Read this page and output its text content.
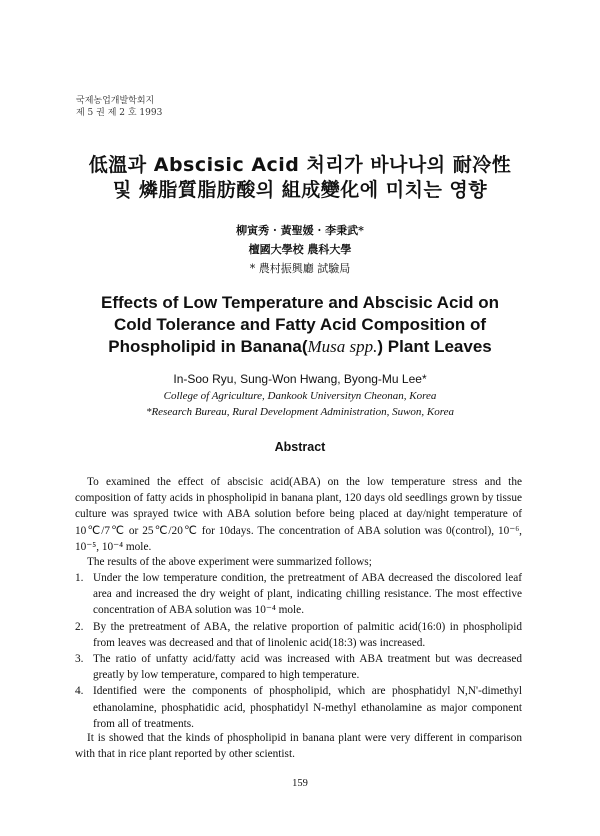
국제농업개발학회지
제 5 권 제 2 호 1993
低溫과 Abscisic Acid 처리가 바나나의 耐冷性
및 燐脂質脂肪酸의 組成變化에 미치는 영향
柳寅秀 · 黃聖媛 · 李秉武*
檀國大學校 農科大學
* 農村振興廳 試驗局
Effects of Low Temperature and Abscisic Acid on
Cold Tolerance and Fatty Acid Composition of
Phospholipid in Banana(Musa spp.) Plant Leaves
In-Soo Ryu, Sung-Won Hwang, Byong-Mu Lee*
College of Agriculture, Dankook Universityn Cheonan, Korea
*Research Bureau, Rural Development Administration, Suwon, Korea
Abstract
To examined the effect of abscisic acid(ABA) on the low temperature stress and the composition of fatty acids in phospholipid in banana plant, 120 days old seedlings grown by tissue culture was sprayed twice with ABA solution before being placed at day/night temperature of 10℃/7℃ or 25℃/20℃ for 10days. The concentration of ABA solution was 0(control), 10⁻⁶, 10⁻⁵, 10⁻⁴ mole.
The results of the above experiment were summarized follows;
1. Under the low temperature condition, the pretreatment of ABA decreased the discolored leaf area and increased the dry weight of plant, indicating chilling resistance. The most effective concentration of ABA solution was 10⁻⁴ mole.
2. By the pretreatment of ABA, the relative proportion of palmitic acid(16:0) in phospholipid from leaves was decreased and that of linolenic acid(18:3) was increased.
3. The ratio of unfatty acid/fatty acid was increased with ABA treatment but was decreased greatly by low temperature, compared to high temperature.
4. Identified were the components of phospholipid, which are phosphatidyl N,N'-dimethyl ethanolamine, phosphatidic acid, phosphatidyl N-methyl ethanolamine as major component from all of treatments.
It is showed that the kinds of phospholipid in banana plant were very different in comparison with that in rice plant reported by other scientist.
159
